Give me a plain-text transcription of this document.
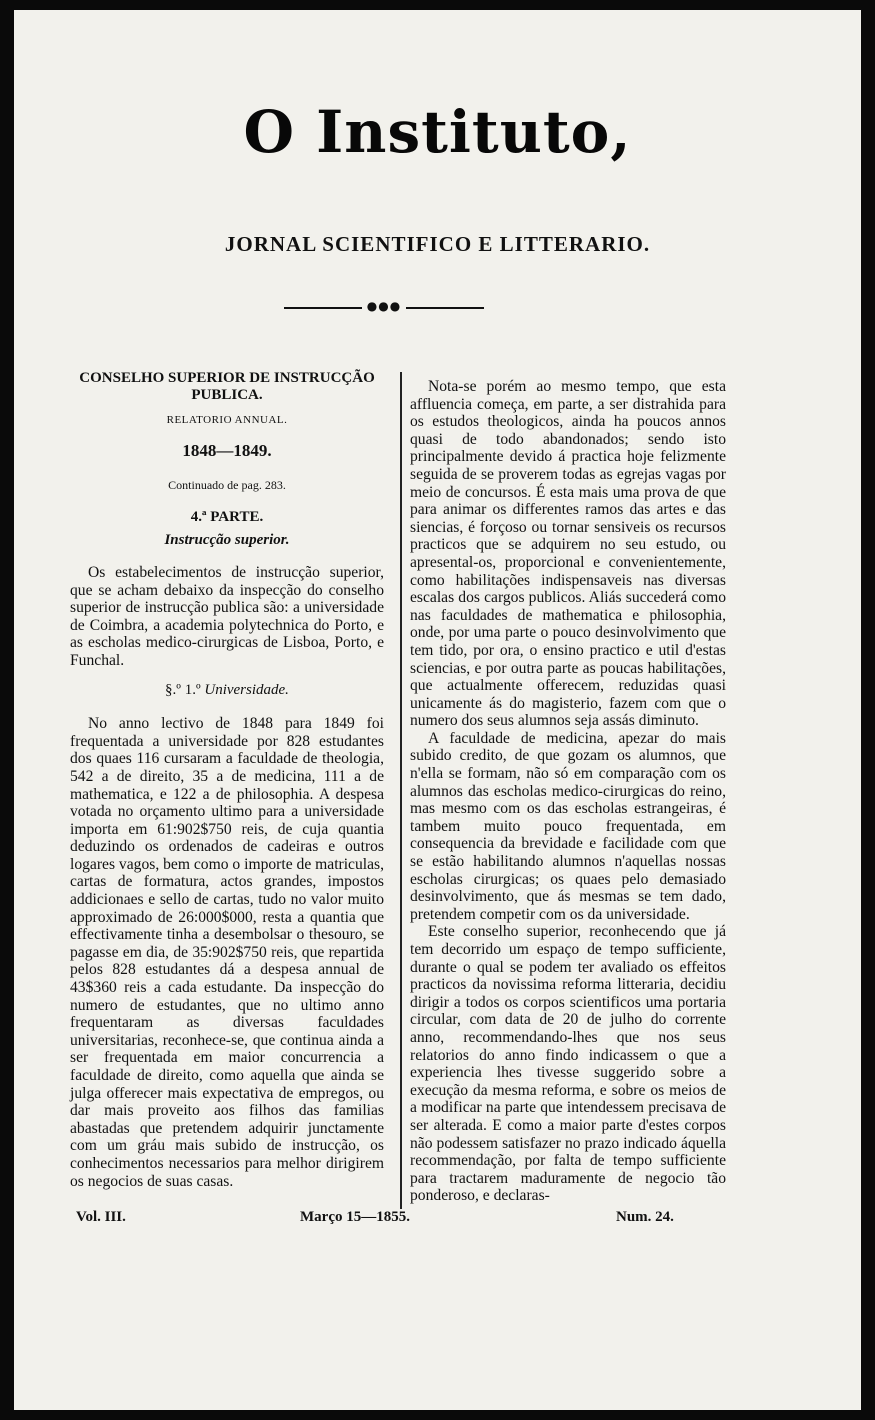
O Instituto,
JORNAL SCIENTIFICO E LITTERARIO.
●●●

CONSELHO SUPERIOR DE INSTRUCÇÃO PUBLICA.

RELATORIO ANNUAL.

1848—1849.

Continuado de pag. 283.

4.ª PARTE.

Instrucção superior.

Os estabelecimentos de instrucção superior, que se acham debaixo da inspecção do conselho superior de instrucção publica são: a universidade de Coimbra, a academia polytechnica do Porto, e as escholas medico-cirurgicas de Lisboa, Porto, e Funchal.

§.º 1.º Universidade.

No anno lectivo de 1848 para 1849 foi frequentada a universidade por 828 estudantes dos quaes 116 cursaram a faculdade de theologia, 542 a de direito, 35 a de medicina, 111 a de mathematica, e 122 a de philosophia. A despesa votada no orçamento ultimo para a universidade importa em 61:902$750 reis, de cuja quantia deduzindo os ordenados de cadeiras e outros logares vagos, bem como o importe de matriculas, cartas de formatura, actos grandes, impostos addicionaes e sello de cartas, tudo no valor muito approximado de 26:000$000, resta a quantia que effectivamente tinha a desembolsar o thesouro, se pagasse em dia, de 35:902$750 reis, que repartida pelos 828 estudantes dá a despesa annual de 43$360 reis a cada estudante. Da inspecção do numero de estudantes, que no ultimo anno frequentaram as diversas faculdades universitarias, reconhece-se, que continua ainda a ser frequentada em maior concurrencia a faculdade de direito, como aquella que ainda se julga offerecer mais expectativa de empregos, ou dar mais proveito aos filhos das familias abastadas que pretendem adquirir junctamente com um gráu mais subido de instrucção, os conhecimentos necessarios para melhor dirigirem os negocios de suas casas.

Nota-se porém ao mesmo tempo, que esta affluencia começa, em parte, a ser distrahida para os estudos theologicos, ainda ha poucos annos quasi de todo abandonados; sendo isto principalmente devido á practica hoje felizmente seguida de se proverem todas as egrejas vagas por meio de concursos. É esta mais uma prova de que para animar os differentes ramos das artes e das siencias, é forçoso ou tornar sensiveis os recursos practicos que se adquirem no seu estudo, ou apresental-os, proporcional e convenientemente, como habilitações indispensaveis nas diversas escalas dos cargos publicos. Aliás succederá como nas faculdades de mathematica e philosophia, onde, por uma parte o pouco desinvolvimento que tem tido, por ora, o ensino practico e util d'estas sciencias, e por outra parte as poucas habilitações, que actualmente offerecem, reduzidas quasi unicamente ás do magisterio, fazem com que o numero dos seus alumnos seja assás diminuto.

A faculdade de medicina, apezar do mais subido credito, de que gozam os alumnos, que n'ella se formam, não só em comparação com os alumnos das escholas medico-cirurgicas do reino, mas mesmo com os das escholas estrangeiras, é tambem muito pouco frequentada, em consequencia da brevidade e facilidade com que se estão habilitando alumnos n'aquellas nossas escholas cirurgicas; os quaes pelo demasiado desinvolvimento, que ás mesmas se tem dado, pretendem competir com os da universidade.

Este conselho superior, reconhecendo que já tem decorrido um espaço de tempo sufficiente, durante o qual se podem ter avaliado os effeitos practicos da novissima reforma litteraria, decidiu dirigir a todos os corpos scientificos uma portaria circular, com data de 20 de julho do corrente anno, recommendando-lhes que nos seus relatorios do anno findo indicassem o que a experiencia lhes tivesse suggerido sobre a execução da mesma reforma, e sobre os meios de a modificar na parte que intendessem precisava de ser alterada. E como a maior parte d'estes corpos não podessem satisfazer no prazo indicado áquella recommendação, por falta de tempo sufficiente para tractarem maduramente de negocio tão ponderoso, e declaras-

Vol. III.	Março 15—1855.	Num. 24.
